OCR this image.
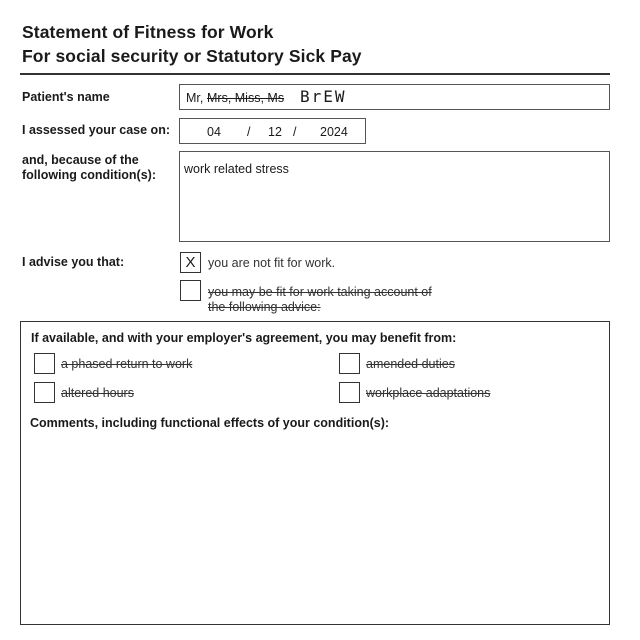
Statement of Fitness for Work
For social security or Statutory Sick Pay
Patient's name	Mr, Mrs, Miss, Ms BrEW
I assessed your case on:	04 / 12 / 2024
and, because of the
following condition(s): work related stress
I advise you that:	X	you are not fit for work.
you may be fit for work taking account of
the following advice:
If available, and with your employer's agreement, you may benefit from:
a phased return to work	amended duties
altered hours	workplace adaptations
Comments, including functional effects of your condition(s):
